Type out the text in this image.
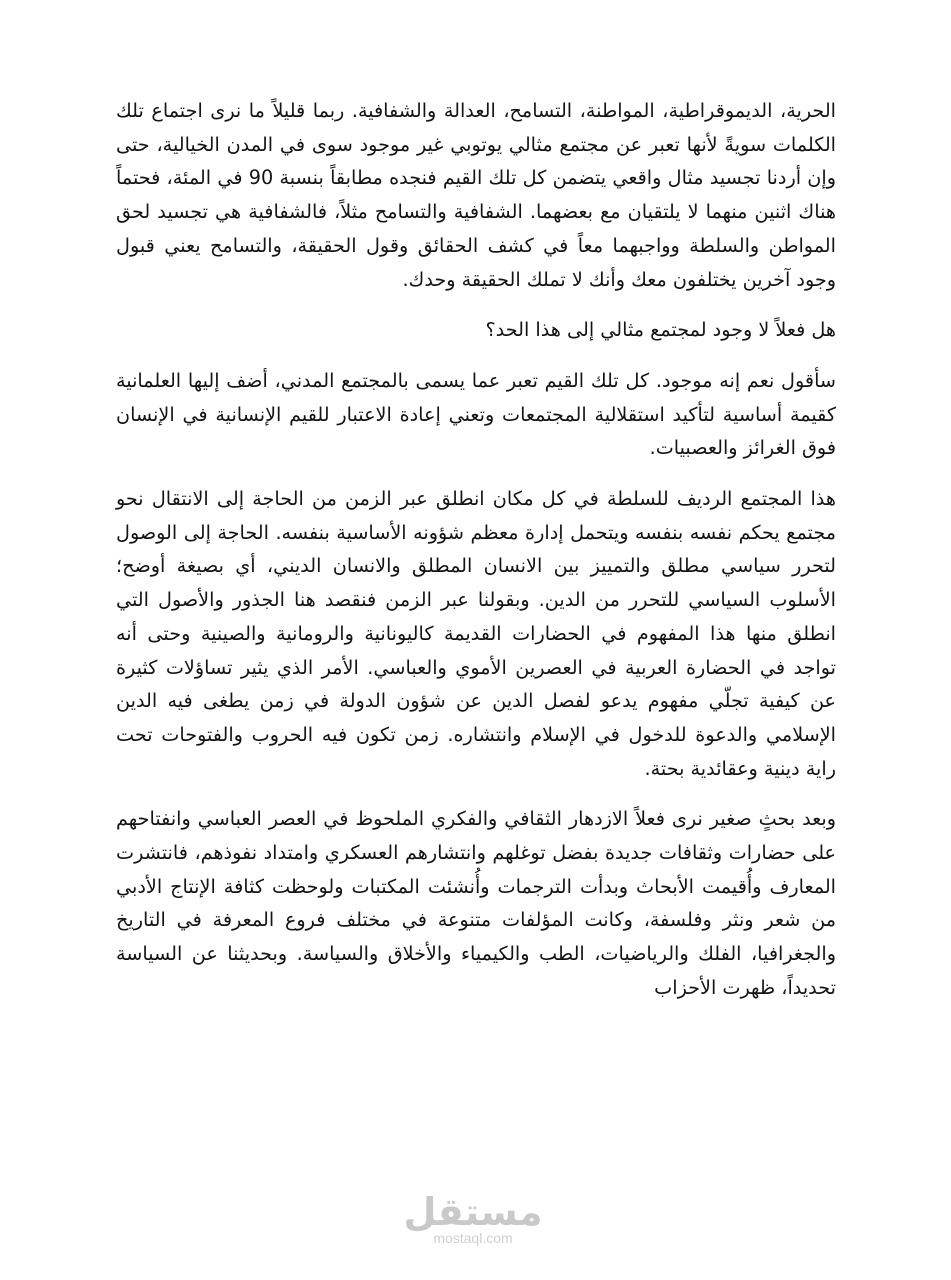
الحرية، الديموقراطية، المواطنة، التسامح، العدالة والشفافية. ربما قليلاً ما نرى اجتماع تلك الكلمات سويةً لأنها تعبر عن مجتمع مثالي يوتوبي غير موجود سوى في المدن الخيالية، حتى وإن أردنا تجسيد مثال واقعي يتضمن كل تلك القيم فنجده مطابقاً بنسبة 90 في المئة، فحتماً هناك اثنين منهما لا يلتقيان مع بعضهما. الشفافية والتسامح مثلاً، فالشفافية هي تجسيد لحق المواطن والسلطة وواجبهما معاً في كشف الحقائق وقول الحقيقة، والتسامح يعني قبول وجود آخرين يختلفون معك وأنك لا تملك الحقيقة وحدك.

هل فعلاً لا وجود لمجتمع مثالي إلى هذا الحد؟

سأقول نعم إنه موجود. كل تلك القيم تعبر عما يسمى بالمجتمع المدني، أضف إليها العلمانية كقيمة أساسية لتأكيد استقلالية المجتمعات وتعني إعادة الاعتبار للقيم الإنسانية في الإنسان فوق الغرائز والعصبيات.

هذا المجتمع الرديف للسلطة في كل مكان انطلق عبر الزمن من الحاجة إلى الانتقال نحو مجتمع يحكم نفسه بنفسه ويتحمل إدارة معظم شؤونه الأساسية بنفسه. الحاجة إلى الوصول لتحرر سياسي مطلق والتمييز بين الانسان المطلق والانسان الديني، أي بصيغة أوضح؛ الأسلوب السياسي للتحرر من الدين. وبقولنا عبر الزمن فنقصد هنا الجذور والأصول التي انطلق منها هذا المفهوم في الحضارات القديمة كاليونانية والرومانية والصينية وحتى أنه تواجد في الحضارة العربية في العصرين الأموي والعباسي. الأمر الذي يثير تساؤلات كثيرة عن كيفية تجلّي مفهوم يدعو لفصل الدين عن شؤون الدولة في زمن يطغى فيه الدين الإسلامي والدعوة للدخول في الإسلام وانتشاره. زمن تكون فيه الحروب والفتوحات تحت راية دينية وعقائدية بحتة.

وبعد بحثٍ صغير نرى فعلاً الازدهار الثقافي والفكري الملحوظ في العصر العباسي وانفتاحهم على حضارات وثقافات جديدة بفضل توغلهم وانتشارهم العسكري وامتداد نفوذهم، فانتشرت المعارف وأُقيمت الأبحاث وبدأت الترجمات وأُنشئت المكتبات ولوحظت كثافة الإنتاج الأدبي من شعر ونثر وفلسفة، وكانت المؤلفات متنوعة في مختلف فروع المعرفة في التاريخ والجغرافيا، الفلك والرياضيات، الطب والكيمياء والأخلاق والسياسة. وبحديثنا عن السياسة تحديداً، ظهرت الأحزاب

مستقل
mostaql.com
